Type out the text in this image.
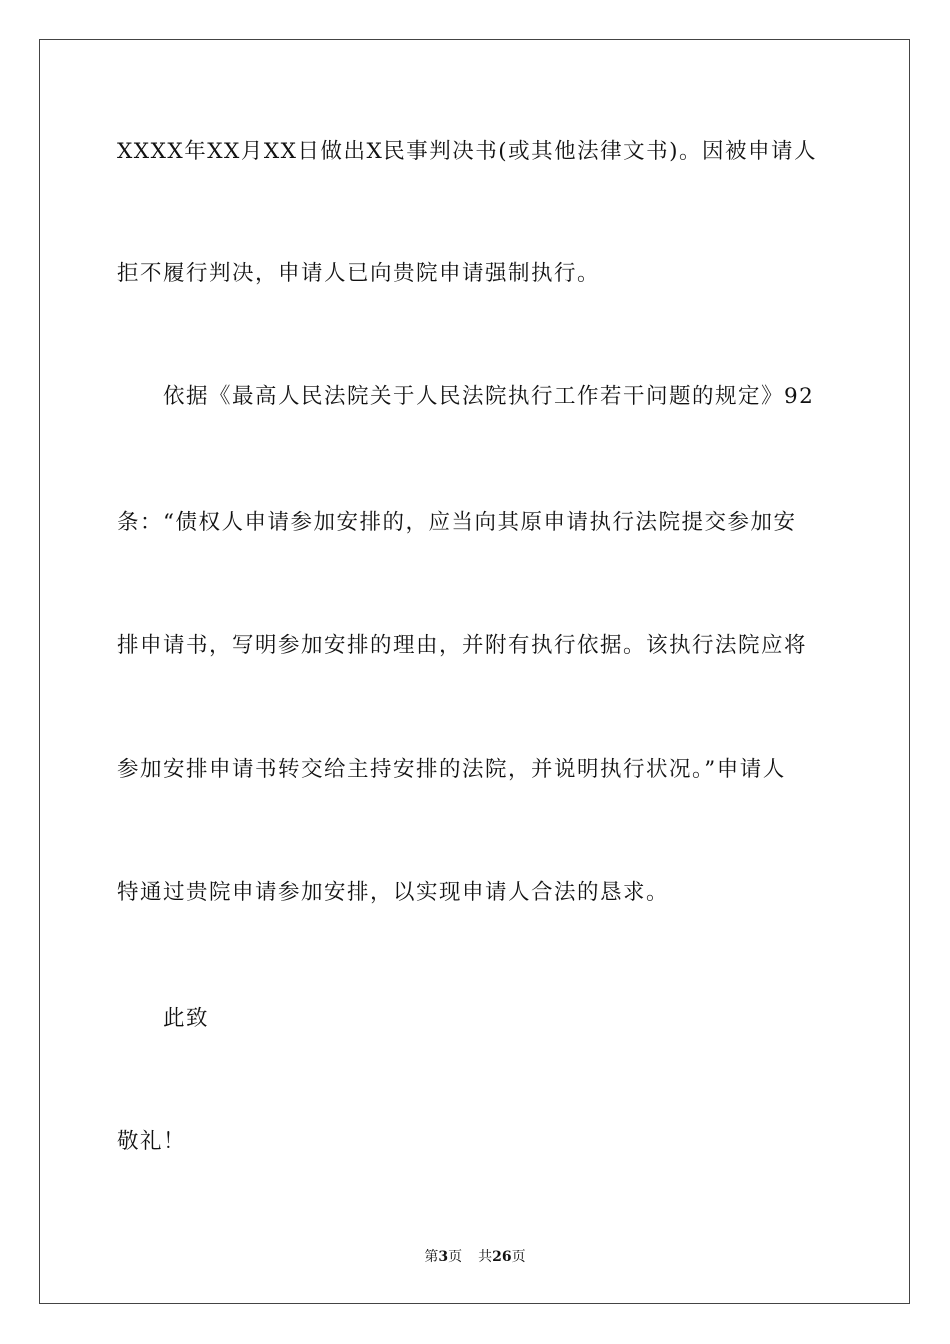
XXXX年XX月XX日做出X民事判决书(或其他法律文书)。因被申请人
拒不履行判决，申请人已向贵院申请强制执行。
依据《最高人民法院关于人民法院执行工作若干问题的规定》92
条：“债权人申请参加安排的，应当向其原申请执行法院提交参加安
排申请书，写明参加安排的理由，并附有执行依据。该执行法院应将
参加安排申请书转交给主持安排的法院，并说明执行状况。”申请人
特通过贵院申请参加安排，以实现申请人合法的恳求。
此致
敬礼！
第3页 共26页
